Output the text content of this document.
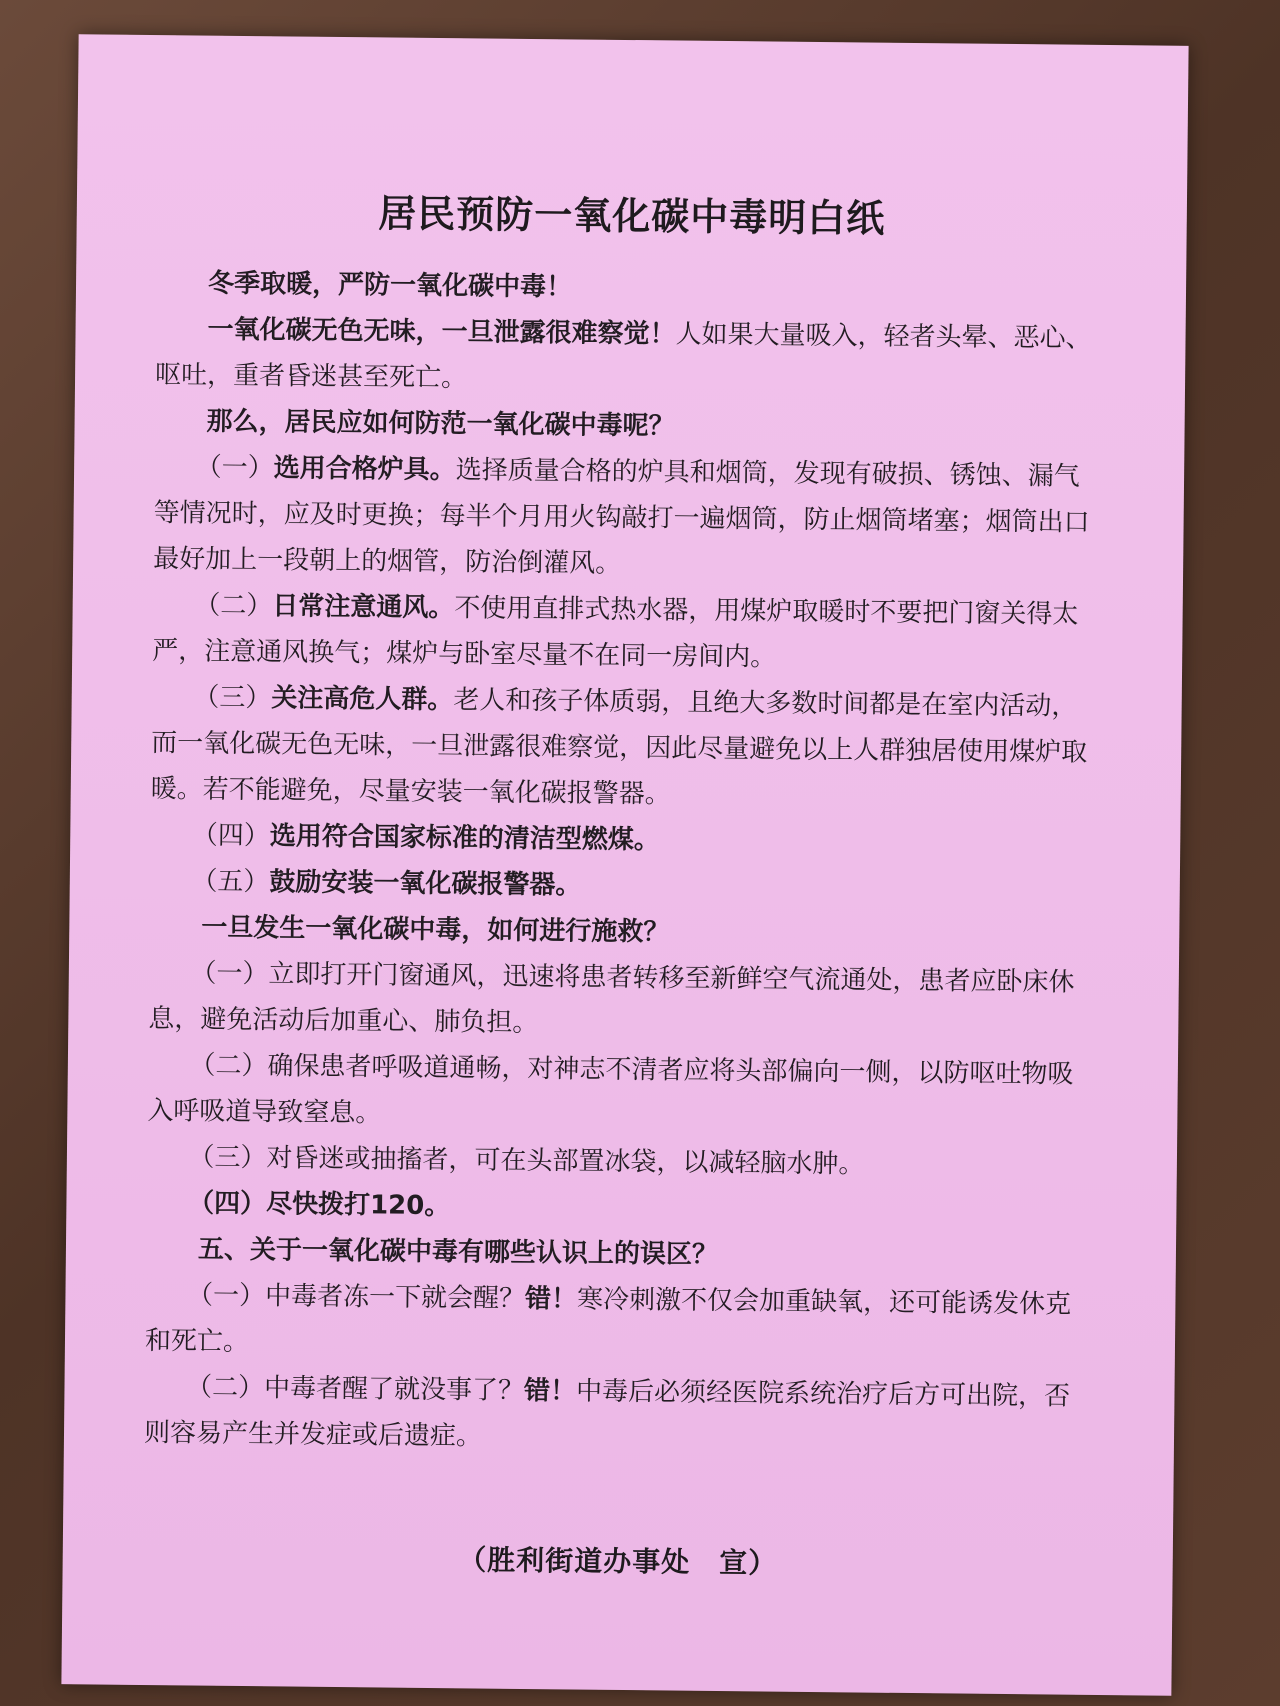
居民预防一氧化碳中毒明白纸

冬季取暖，严防一氧化碳中毒！

一氧化碳无色无味，一旦泄露很难察觉！人如果大量吸入，轻者头晕、恶心、呕吐，重者昏迷甚至死亡。

那么，居民应如何防范一氧化碳中毒呢？

（一）选用合格炉具。选择质量合格的炉具和烟筒，发现有破损、锈蚀、漏气等情况时，应及时更换；每半个月用火钩敲打一遍烟筒，防止烟筒堵塞；烟筒出口最好加上一段朝上的烟管，防治倒灌风。

（二）日常注意通风。不使用直排式热水器，用煤炉取暖时不要把门窗关得太严，注意通风换气；煤炉与卧室尽量不在同一房间内。

（三）关注高危人群。老人和孩子体质弱，且绝大多数时间都是在室内活动，而一氧化碳无色无味，一旦泄露很难察觉，因此尽量避免以上人群独居使用煤炉取暖。若不能避免，尽量安装一氧化碳报警器。

（四）选用符合国家标准的清洁型燃煤。

（五）鼓励安装一氧化碳报警器。

一旦发生一氧化碳中毒，如何进行施救？

（一）立即打开门窗通风，迅速将患者转移至新鲜空气流通处，患者应卧床休息，避免活动后加重心、肺负担。

（二）确保患者呼吸道通畅，对神志不清者应将头部偏向一侧，以防呕吐物吸入呼吸道导致窒息。

（三）对昏迷或抽搐者，可在头部置冰袋，以减轻脑水肿。

（四）尽快拨打120。

五、关于一氧化碳中毒有哪些认识上的误区？

（一）中毒者冻一下就会醒？错！寒冷刺激不仅会加重缺氧，还可能诱发休克和死亡。

（二）中毒者醒了就没事了？错！中毒后必须经医院系统治疗后方可出院，否则容易产生并发症或后遗症。

（胜利街道办事处　宣）
